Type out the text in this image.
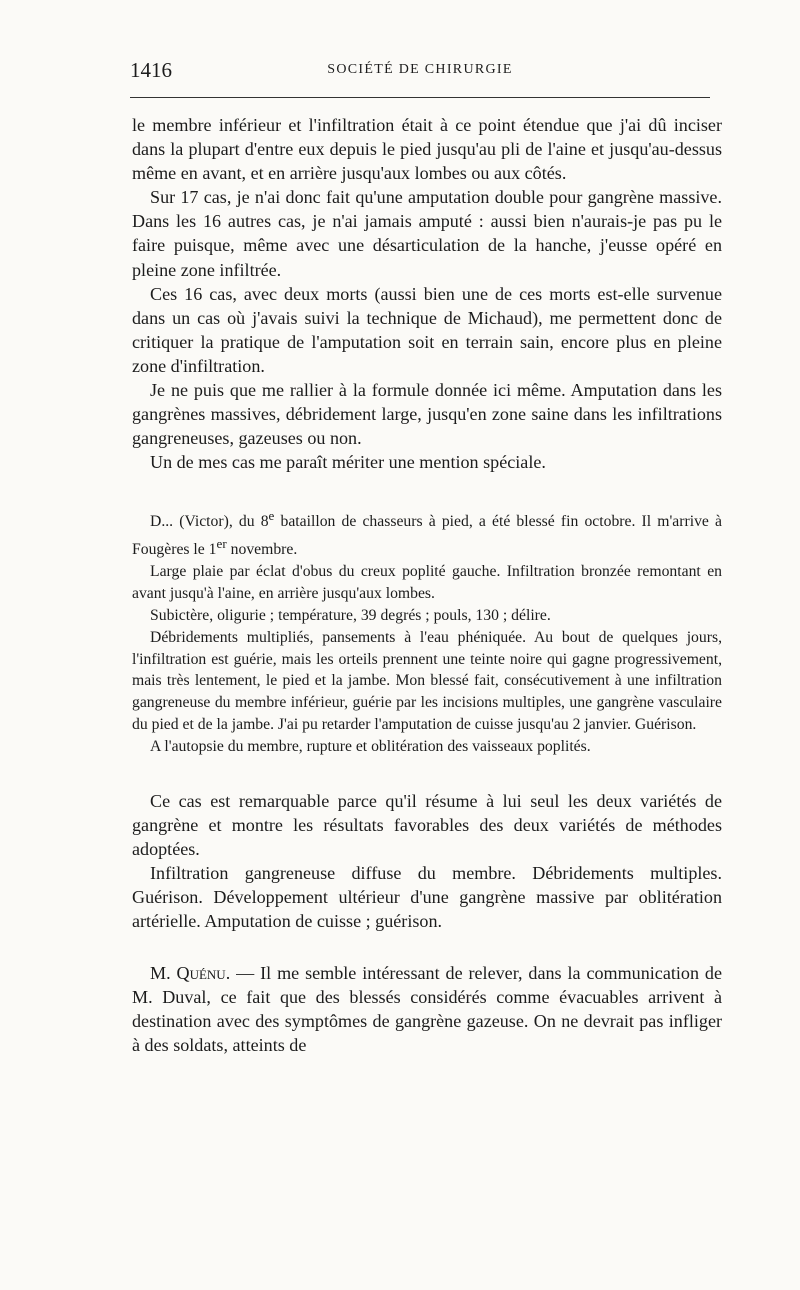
1416	SOCIÉTÉ DE CHIRURGIE

le membre inférieur et l'infiltration était à ce point étendue que j'ai dû inciser dans la plupart d'entre eux depuis le pied jusqu'au pli de l'aine et jusqu'au-dessus même en avant, et en arrière jusqu'aux lombes ou aux côtés.

Sur 17 cas, je n'ai donc fait qu'une amputation double pour gangrène massive. Dans les 16 autres cas, je n'ai jamais amputé : aussi bien n'aurais-je pas pu le faire puisque, même avec une désarticulation de la hanche, j'eusse opéré en pleine zone infiltrée.

Ces 16 cas, avec deux morts (aussi bien une de ces morts est-elle survenue dans un cas où j'avais suivi la technique de Michaud), me permettent donc de critiquer la pratique de l'amputation soit en terrain sain, encore plus en pleine zone d'infiltration.

Je ne puis que me rallier à la formule donnée ici même. Amputation dans les gangrènes massives, débridement large, jusqu'en zone saine dans les infiltrations gangreneuses, gazeuses ou non.

Un de mes cas me paraît mériter une mention spéciale.

D... (Victor), du 8e bataillon de chasseurs à pied, a été blessé fin octobre. Il m'arrive à Fougères le 1er novembre.

Large plaie par éclat d'obus du creux poplité gauche. Infiltration bronzée remontant en avant jusqu'à l'aine, en arrière jusqu'aux lombes.

Subictère, oligurie ; température, 39 degrés ; pouls, 130 ; délire.

Débridements multipliés, pansements à l'eau phéniquée. Au bout de quelques jours, l'infiltration est guérie, mais les orteils prennent une teinte noire qui gagne progressivement, mais très lentement, le pied et la jambe. Mon blessé fait, consécutivement à une infiltration gangreneuse du membre inférieur, guérie par les incisions multiples, une gangrène vasculaire du pied et de la jambe. J'ai pu retarder l'amputation de cuisse jusqu'au 2 janvier. Guérison.

A l'autopsie du membre, rupture et oblitération des vaisseaux poplités.

Ce cas est remarquable parce qu'il résume à lui seul les deux variétés de gangrène et montre les résultats favorables des deux variétés de méthodes adoptées.

Infiltration gangreneuse diffuse du membre. Débridements multiples. Guérison. Développement ultérieur d'une gangrène massive par oblitération artérielle. Amputation de cuisse ; guérison.

M. Quénu. — Il me semble intéressant de relever, dans la communication de M. Duval, ce fait que des blessés considérés comme évacuables arrivent à destination avec des symptômes de gangrène gazeuse. On ne devrait pas infliger à des soldats, atteints de
